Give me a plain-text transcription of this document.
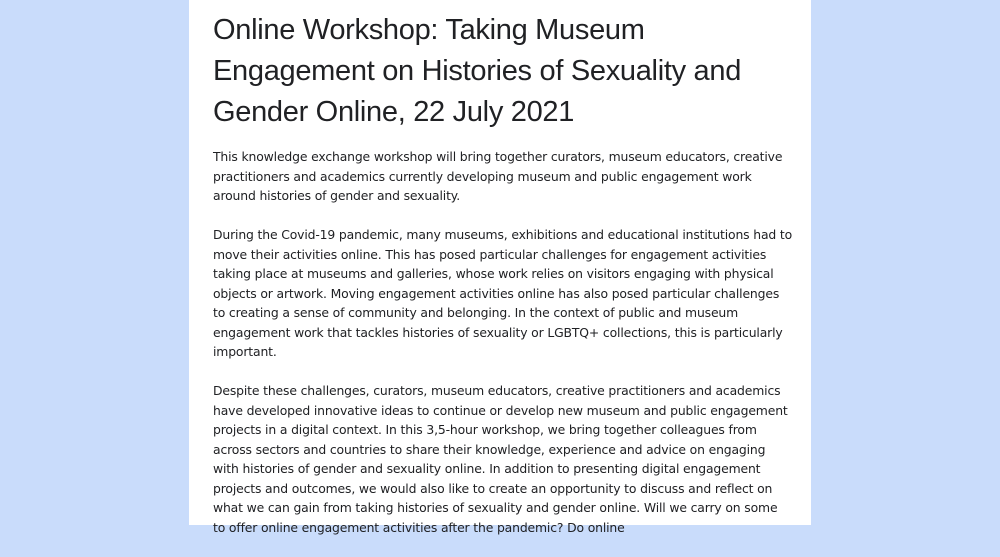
Online Workshop: Taking Museum Engagement on Histories of Sexuality and Gender Online, 22 July 2021

This knowledge exchange workshop will bring together curators, museum educators, creative practitioners and academics currently developing museum and public engagement work around histories of gender and sexuality.

During the Covid-19 pandemic, many museums, exhibitions and educational institutions had to move their activities online. This has posed particular challenges for engagement activities taking place at museums and galleries, whose work relies on visitors engaging with physical objects or artwork. Moving engagement activities online has also posed particular challenges to creating a sense of community and belonging. In the context of public and museum engagement work that tackles histories of sexuality or LGBTQ+ collections, this is particularly important.

Despite these challenges, curators, museum educators, creative practitioners and academics have developed innovative ideas to continue or develop new museum and public engagement projects in a digital context. In this 3,5-hour workshop, we bring together colleagues from across sectors and countries to share their knowledge, experience and advice on engaging with histories of gender and sexuality online. In addition to presenting digital engagement projects and outcomes, we would also like to create an opportunity to discuss and reflect on what we can gain from taking histories of sexuality and gender online. Will we carry on some to offer online engagement activities after the pandemic? Do online
